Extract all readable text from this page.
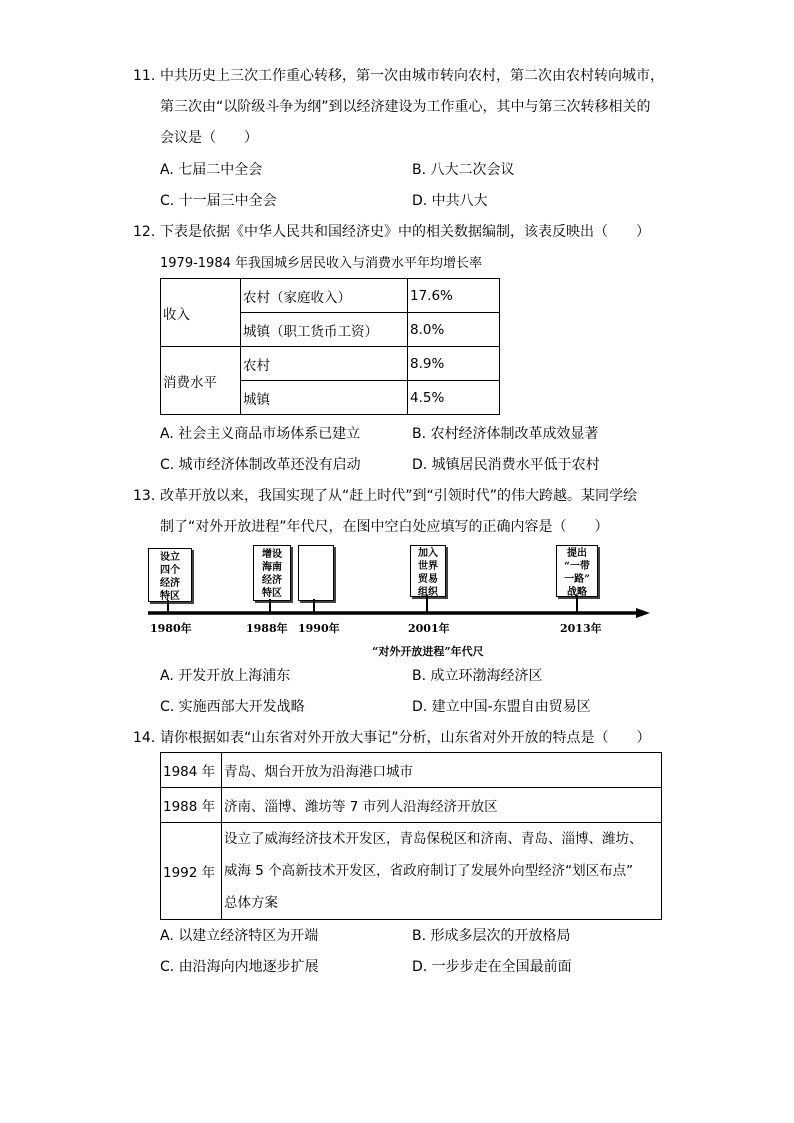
11. 中共历史上三次工作重心转移，第一次由城市转向农村，第二次由农村转向城市，
第三次由“以阶级斗争为纲”到以经济建设为工作重心，其中与第三次转移相关的
会议是（　　）
A. 七届二中全会	B. 八大二次会议
C. 十一届三中全会	D. 中共八大
12. 下表是依据《中华人民共和国经济史》中的相关数据编制，该表反映出（　　）
1979-1984 年我国城乡居民收入与消费水平年均增长率
收入	农村（家庭收入）	17.6%
	城镇（职工货币工资）	8.0%
消费水平	农村	8.9%
	城镇	4.5%
A. 社会主义商品市场体系已建立	B. 农村经济体制改革成效显著
C. 城市经济体制改革还没有启动	D. 城镇居民消费水平低于农村
13. 改革开放以来，我国实现了从“赶上时代”到“引领时代”的伟大跨越。某同学绘
制了“对外开放进程”年代尺，在图中空白处应填写的正确内容是（　　）
设立
四个
经济
特区
增设
海南
经济
特区
加入
世界
贸易
组织
提出
“一带
一路”
战略
1980年	1988年 1990年	2001年	2013年
“对外开放进程”年代尺
A. 开发开放上海浦东	B. 成立环渤海经济区
C. 实施西部大开发战略	D. 建立中国-东盟自由贸易区
14. 请你根据如表“山东省对外开放大事记”分析，山东省对外开放的特点是（　　）
1984 年	青岛、烟台开放为沿海港口城市
1988 年	济南、淄博、潍坊等 7 市列人沿海经济开放区
1992 年	设立了威海经济技术开发区，青岛保税区和济南、青岛、淄博、潍坊、
威海 5 个高新技术开发区，省政府制订了发展外向型经济“划区布点”
总体方案
A. 以建立经济特区为开端	B. 形成多层次的开放格局
C. 由沿海向内地逐步扩展	D. 一步步走在全国最前面
